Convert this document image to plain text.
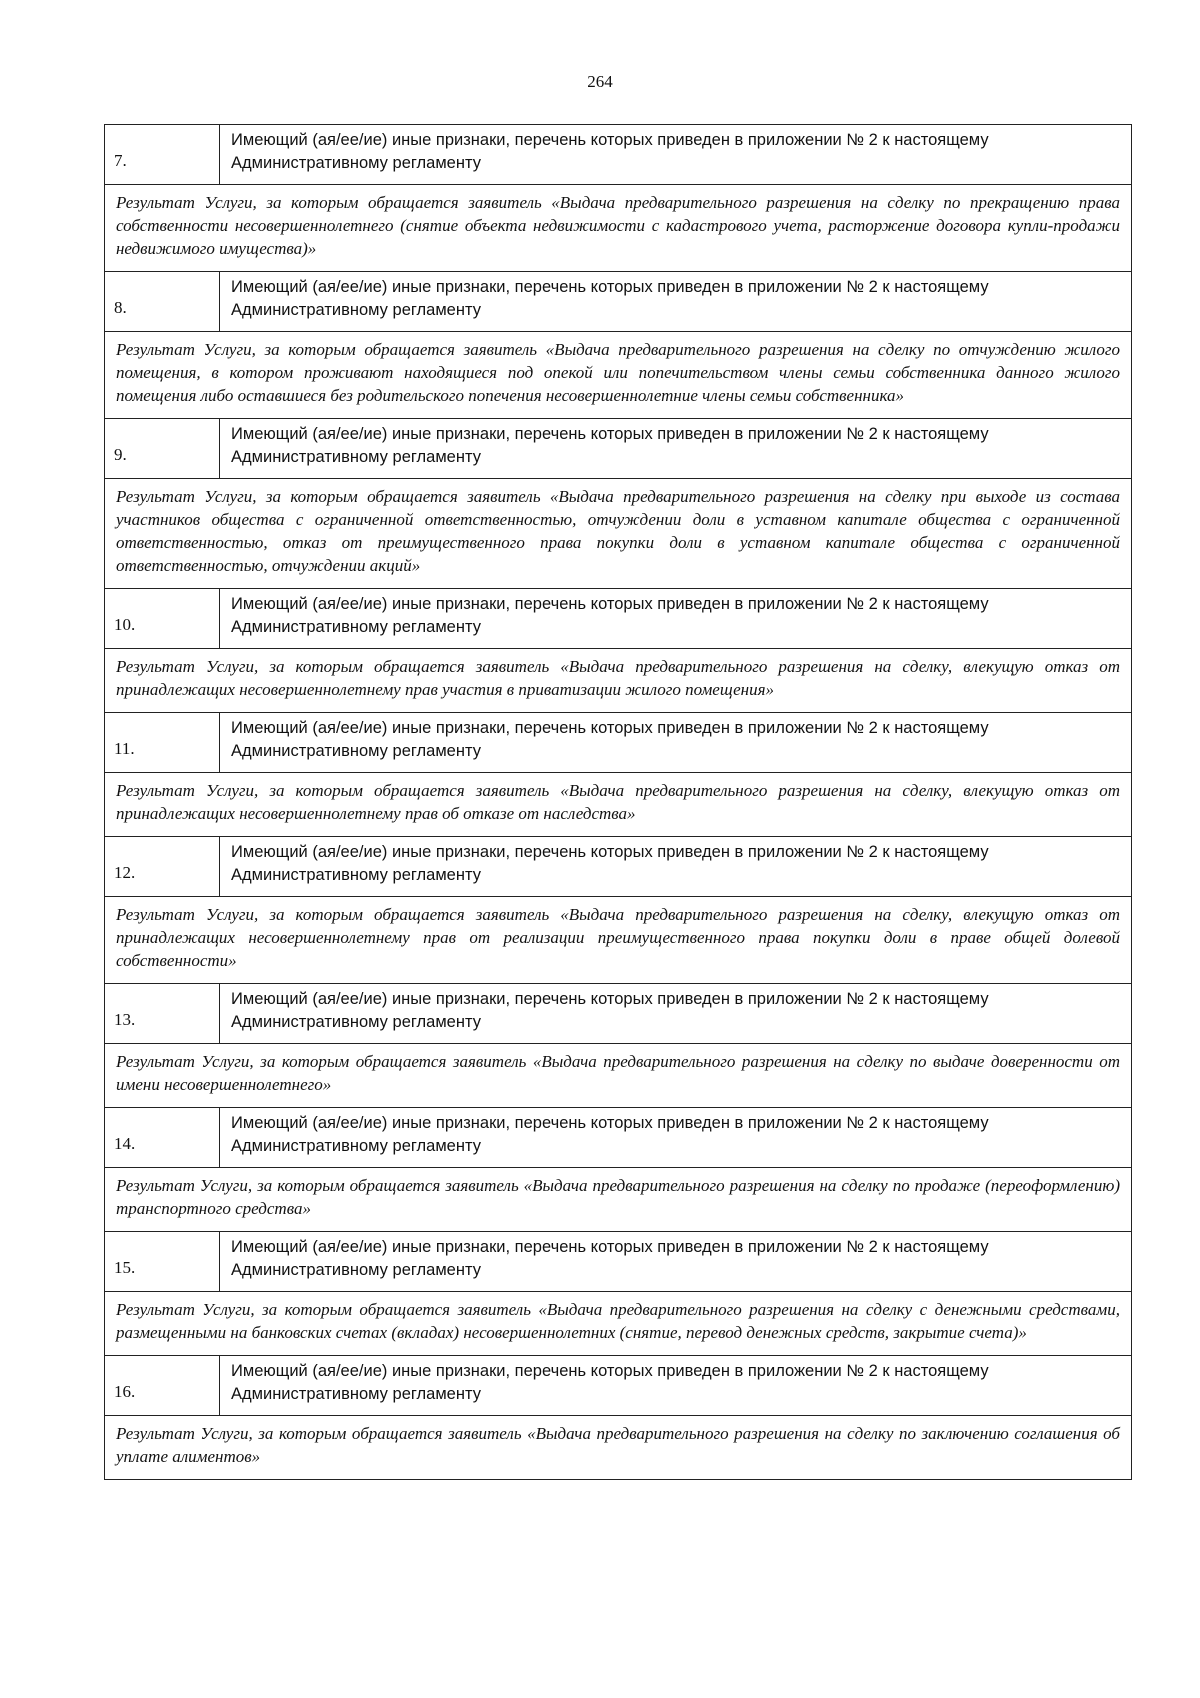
264
7.	Имеющий (ая/ее/ие) иные признаки, перечень которых приведен в приложении № 2 к настоящему Административному регламенту
Результат Услуги, за которым обращается заявитель «Выдача предварительного разрешения на сделку по прекращению права собственности несовершеннолетнего (снятие объекта недвижимости с кадастрового учета, расторжение договора купли-продажи недвижимого имущества)»	
8.	Имеющий (ая/ее/ие) иные признаки, перечень которых приведен в приложении № 2 к настоящему Административному регламенту
Результат Услуги, за которым обращается заявитель «Выдача предварительного разрешения на сделку по отчуждению жилого помещения, в котором проживают находящиеся под опекой или попечительством члены семьи собственника данного жилого помещения либо оставшиеся без родительского попечения несовершеннолетние члены семьи собственника»	
9.	Имеющий (ая/ее/ие) иные признаки, перечень которых приведен в приложении № 2 к настоящему Административному регламенту
Результат Услуги, за которым обращается заявитель «Выдача предварительного разрешения на сделку при выходе из состава участников общества с ограниченной ответственностью, отчуждении доли в уставном капитале общества с ограниченной ответственностью, отказ от преимущественного права покупки доли в уставном капитале общества с ограниченной ответственностью, отчуждении акций»	
10.	Имеющий (ая/ее/ие) иные признаки, перечень которых приведен в приложении № 2 к настоящему Административному регламенту
Результат Услуги, за которым обращается заявитель «Выдача предварительного разрешения на сделку, влекущую отказ от принадлежащих несовершеннолетнему прав участия в приватизации жилого помещения»	
11.	Имеющий (ая/ее/ие) иные признаки, перечень которых приведен в приложении № 2 к настоящему Административному регламенту
Результат Услуги, за которым обращается заявитель «Выдача предварительного разрешения на сделку, влекущую отказ от принадлежащих несовершеннолетнему прав об отказе от наследства»	
12.	Имеющий (ая/ее/ие) иные признаки, перечень которых приведен в приложении № 2 к настоящему Административному регламенту
Результат Услуги, за которым обращается заявитель «Выдача предварительного разрешения на сделку, влекущую отказ от принадлежащих несовершеннолетнему прав от реализации преимущественного права покупки доли в праве общей долевой собственности»	
13.	Имеющий (ая/ее/ие) иные признаки, перечень которых приведен в приложении № 2 к настоящему Административному регламенту
Результат Услуги, за которым обращается заявитель «Выдача предварительного разрешения на сделку по выдаче доверенности от имени несовершеннолетнего»	
14.	Имеющий (ая/ее/ие) иные признаки, перечень которых приведен в приложении № 2 к настоящему Административному регламенту
Результат Услуги, за которым обращается заявитель «Выдача предварительного разрешения на сделку по продаже (переоформлению) транспортного средства»	
15.	Имеющий (ая/ее/ие) иные признаки, перечень которых приведен в приложении № 2 к настоящему Административному регламенту
Результат Услуги, за которым обращается заявитель «Выдача предварительного разрешения на сделку с денежными средствами, размещенными на банковских счетах (вкладах) несовершеннолетних (снятие, перевод денежных средств, закрытие счета)»	
16.	Имеющий (ая/ее/ие) иные признаки, перечень которых приведен в приложении № 2 к настоящему Административному регламенту
Результат Услуги, за которым обращается заявитель «Выдача предварительного разрешения на сделку по заключению соглашения об уплате алиментов»	
